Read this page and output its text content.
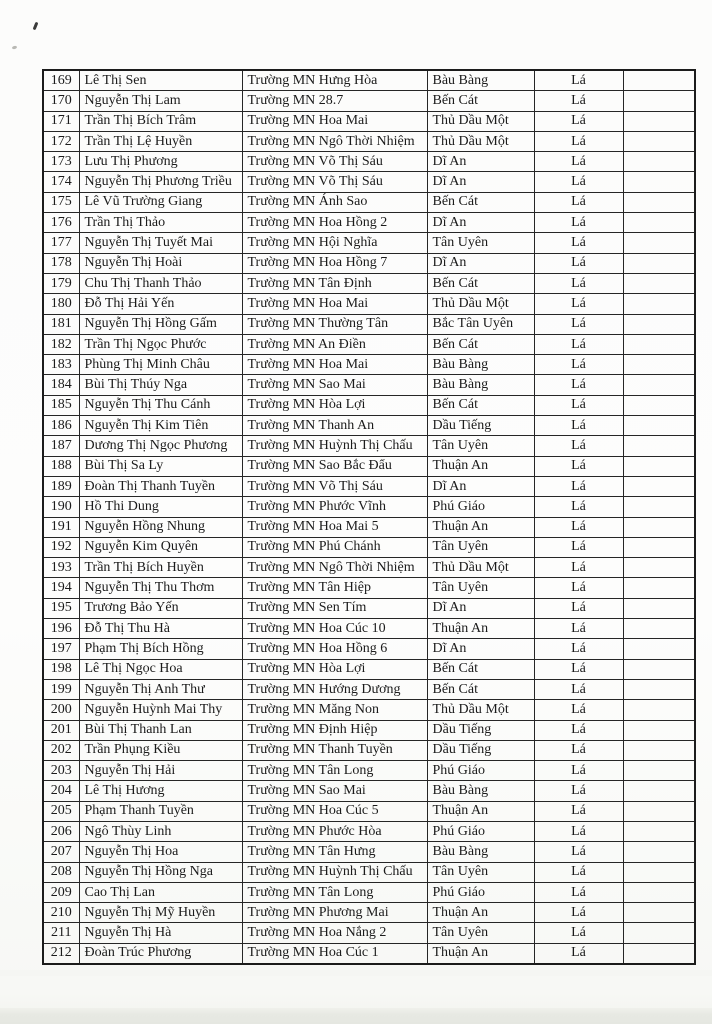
169	Lê Thị Sen	Trường MN Hưng Hòa	Bàu Bàng	Lá	
170	Nguyễn Thị Lam	Trường MN 28.7	Bến Cát	Lá	
171	Trần Thị Bích Trâm	Trường MN Hoa Mai	Thủ Dầu Một	Lá	
172	Trần Thị Lệ Huyền	Trường MN Ngô Thời Nhiệm	Thủ Dầu Một	Lá	
173	Lưu Thị Phương	Trường MN Võ Thị Sáu	Dĩ An	Lá	
174	Nguyễn Thị Phương Triều	Trường MN Võ Thị Sáu	Dĩ An	Lá	
175	Lê Vũ Trường Giang	Trường MN Ánh Sao	Bến Cát	Lá	
176	Trần Thị Thảo	Trường MN Hoa Hồng 2	Dĩ An	Lá	
177	Nguyễn Thị Tuyết Mai	Trường MN Hội Nghĩa	Tân Uyên	Lá	
178	Nguyễn Thị Hoài	Trường MN Hoa Hồng 7	Dĩ An	Lá	
179	Chu Thị Thanh Thảo	Trường MN Tân Định	Bến Cát	Lá	
180	Đỗ Thị Hải Yến	Trường MN Hoa Mai	Thủ Dầu Một	Lá	
181	Nguyễn Thị Hồng Gấm	Trường MN Thường Tân	Bắc Tân Uyên	Lá	
182	Trần Thị Ngọc Phước	Trường MN An Điền	Bến Cát	Lá	
183	Phùng Thị Minh Châu	Trường MN Hoa Mai	Bàu Bàng	Lá	
184	Bùi Thị Thúy Nga	Trường MN Sao Mai	Bàu Bàng	Lá	
185	Nguyễn Thị Thu Cánh	Trường MN Hòa Lợi	Bến Cát	Lá	
186	Nguyễn Thị Kim Tiên	Trường MN Thanh An	Dầu Tiếng	Lá	
187	Dương Thị Ngọc Phương	Trường MN Huỳnh Thị Chấu	Tân Uyên	Lá	
188	Bùi Thị Sa Ly	Trường MN Sao Bắc Đẩu	Thuận An	Lá	
189	Đoàn Thị Thanh Tuyền	Trường MN Võ Thị Sáu	Dĩ An	Lá	
190	Hồ Thi Dung	Trường MN Phước Vĩnh	Phú Giáo	Lá	
191	Nguyễn Hồng Nhung	Trường MN Hoa Mai 5	Thuận An	Lá	
192	Nguyễn Kim Quyên	Trường MN Phú Chánh	Tân Uyên	Lá	
193	Trần Thị Bích Huyền	Trường MN Ngô Thời Nhiệm	Thủ Dầu Một	Lá	
194	Nguyễn Thị Thu Thơm	Trường MN Tân Hiệp	Tân Uyên	Lá	
195	Trương Bảo Yến	Trường MN Sen Tím	Dĩ An	Lá	
196	Đỗ Thị Thu Hà	Trường MN Hoa Cúc 10	Thuận An	Lá	
197	Phạm Thị Bích Hồng	Trường MN Hoa Hồng 6	Dĩ An	Lá	
198	Lê Thị Ngọc Hoa	Trường MN Hòa Lợi	Bến Cát	Lá	
199	Nguyễn Thị Anh Thư	Trường MN Hướng Dương	Bến Cát	Lá	
200	Nguyễn Huỳnh Mai Thy	Trường MN Măng Non	Thủ Dầu Một	Lá	
201	Bùi Thị Thanh Lan	Trường MN Định Hiệp	Dầu Tiếng	Lá	
202	Trần Phụng Kiều	Trường MN Thanh Tuyền	Dầu Tiếng	Lá	
203	Nguyễn Thị Hải	Trường MN Tân Long	Phú Giáo	Lá	
204	Lê Thị Hương	Trường MN Sao Mai	Bàu Bàng	Lá	
205	Phạm Thanh Tuyền	Trường MN Hoa Cúc 5	Thuận An	Lá	
206	Ngô Thùy Linh	Trường MN Phước Hòa	Phú Giáo	Lá	
207	Nguyễn Thị Hoa	Trường MN Tân Hưng	Bàu Bàng	Lá	
208	Nguyễn Thị Hồng Nga	Trường MN Huỳnh Thị Chấu	Tân Uyên	Lá	
209	Cao Thị Lan	Trường MN Tân Long	Phú Giáo	Lá	
210	Nguyễn Thị Mỹ Huyền	Trường MN Phương Mai	Thuận An	Lá	
211	Nguyễn Thị Hà	Trường MN Hoa Nắng 2	Tân Uyên	Lá	
212	Đoàn Trúc Phương	Trường MN Hoa Cúc 1	Thuận An	Lá	
